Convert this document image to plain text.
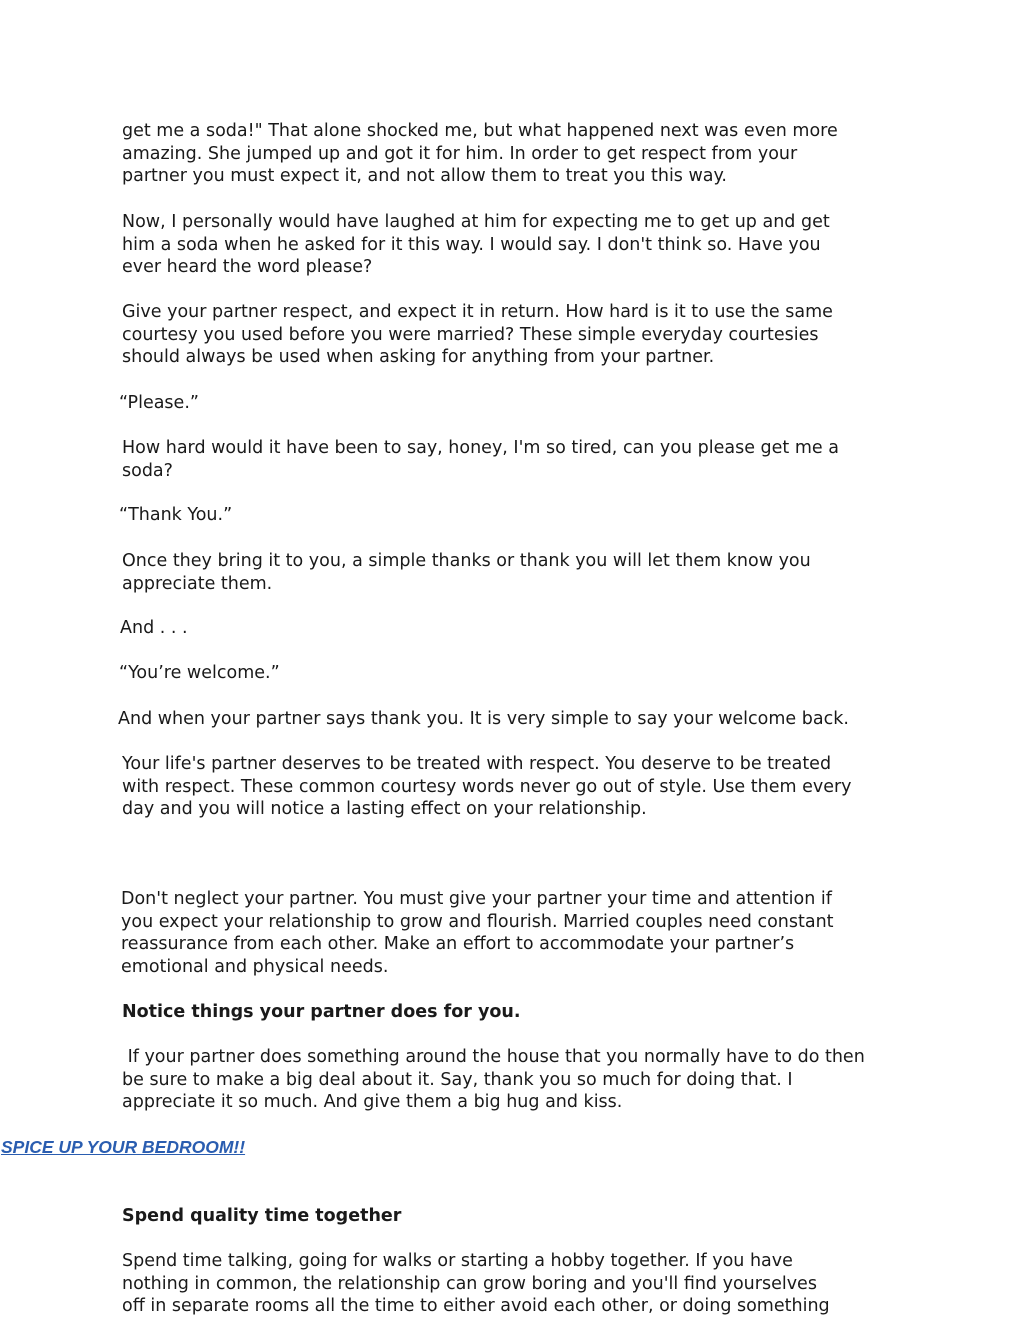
get me a soda!" That alone shocked me, but what happened next was even more
amazing. She jumped up and got it for him. In order to get respect from your
partner you must expect it, and not allow them to treat you this way.
Now, I personally would have laughed at him for expecting me to get up and get
him a soda when he asked for it this way. I would say. I don't think so. Have you
ever heard the word please?
Give your partner respect, and expect it in return. How hard is it to use the same
courtesy you used before you were married? These simple everyday courtesies
should always be used when asking for anything from your partner.
“Please.”
How hard would it have been to say, honey, I'm so tired, can you please get me a
soda?
“Thank You.”
Once they bring it to you, a simple thanks or thank you will let them know you
appreciate them.
And . . .
“You’re welcome.”
And when your partner says thank you. It is very simple to say your welcome back.
Your life's partner deserves to be treated with respect. You deserve to be treated
with respect. These common courtesy words never go out of style. Use them every
day and you will notice a lasting effect on your relationship.
Don't neglect your partner. You must give your partner your time and attention if
you expect your relationship to grow and flourish. Married couples need constant
reassurance from each other. Make an effort to accommodate your partner’s
emotional and physical needs.
Notice things your partner does for you.
If your partner does something around the house that you normally have to do then
be sure to make a big deal about it. Say, thank you so much for doing that. I
appreciate it so much. And give them a big hug and kiss.
Spend quality time together
Spend time talking, going for walks or starting a hobby together. If you have
nothing in common, the relationship can grow boring and you'll find yourselves
off in separate rooms all the time to either avoid each other, or doing something
SPICE UP YOUR BEDROOM!!
